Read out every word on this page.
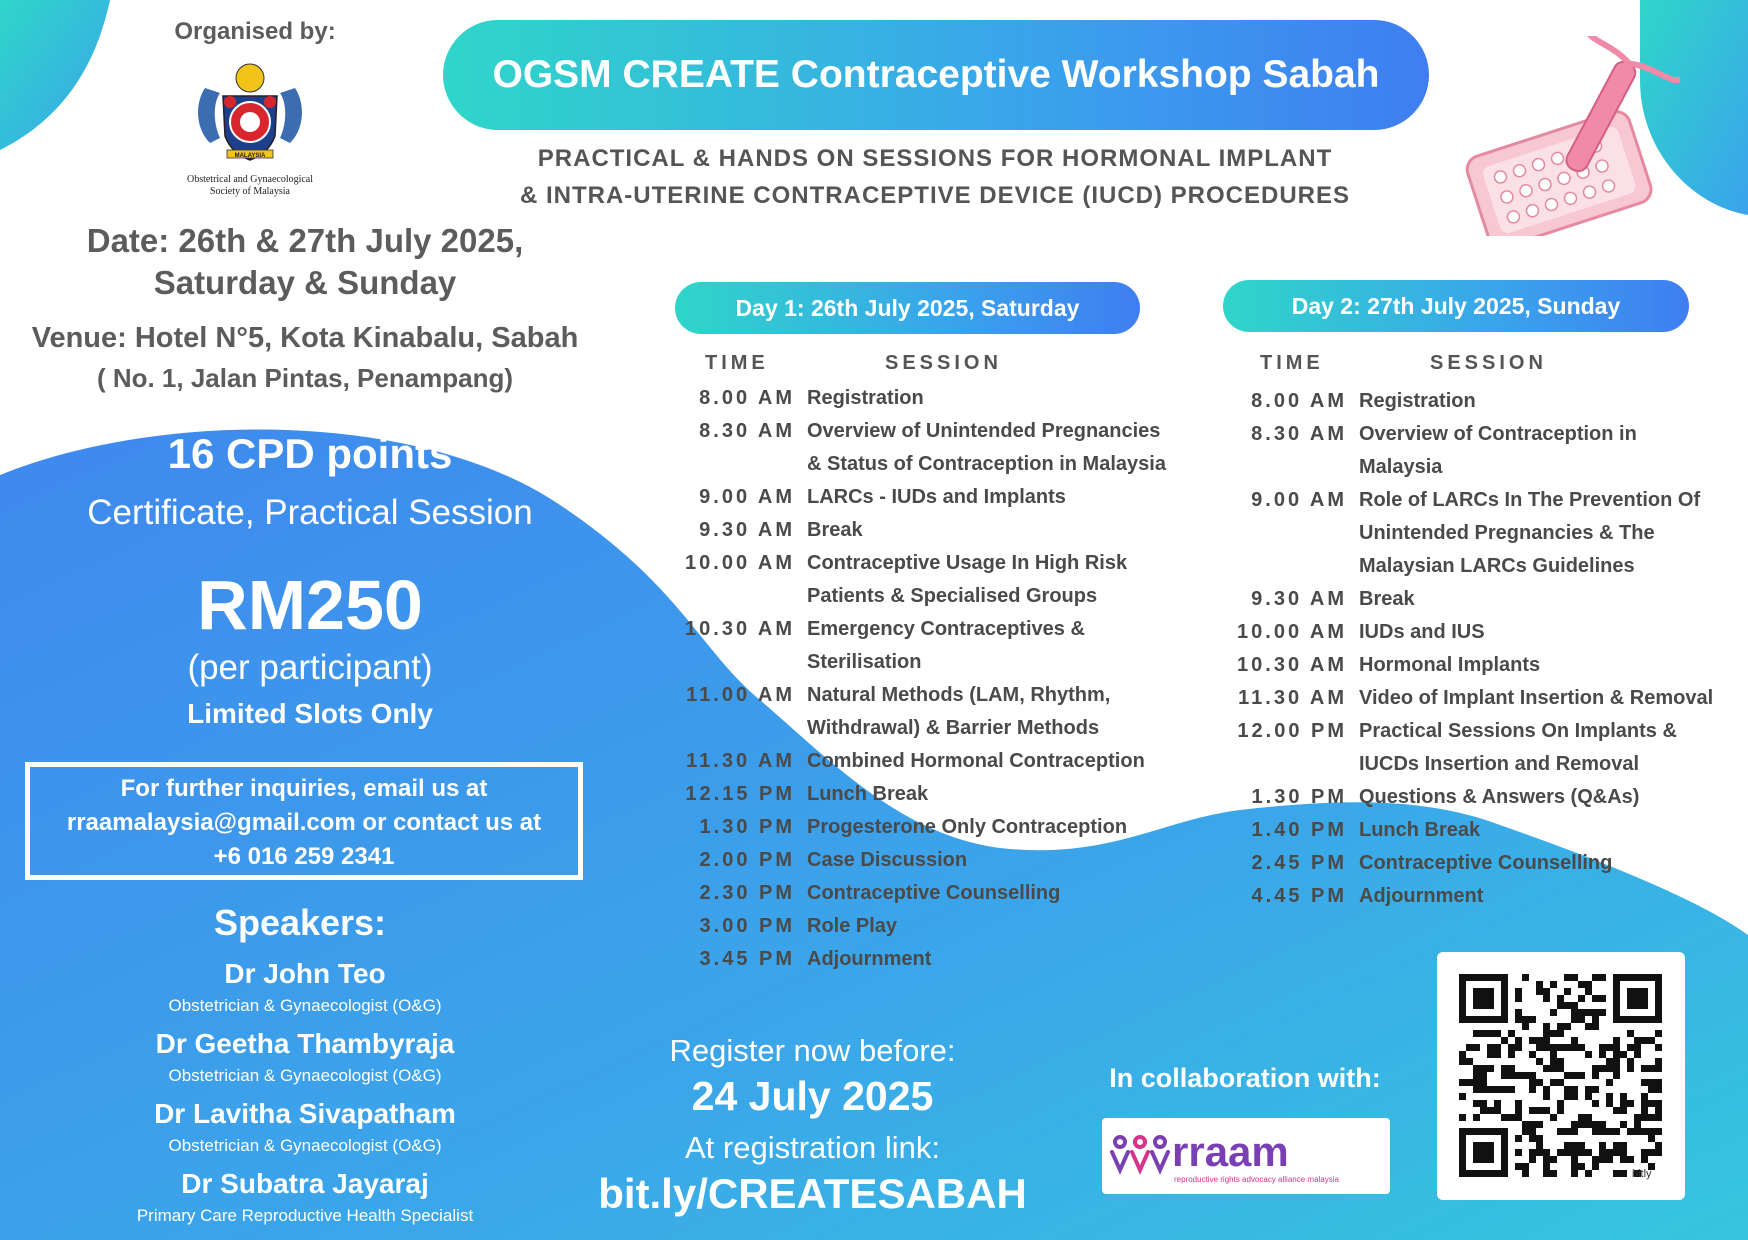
Organised by:
MALAYSIA
Obstetrical and Gynaecological
Society of Malaysia
OGSM CREATE Contraceptive Workshop Sabah
PRACTICAL & HANDS ON SESSIONS FOR HORMONAL IMPLANT
& INTRA-UTERINE CONTRACEPTIVE DEVICE (IUCD) PROCEDURES
Date: 26th & 27th July 2025,
Saturday & Sunday
Venue: Hotel N°5, Kota Kinabalu, Sabah
( No. 1, Jalan Pintas, Penampang)
16 CPD points
Certificate, Practical Session
RM250
(per participant)
Limited Slots Only
For further inquiries, email us at
rraamalaysia@gmail.com or contact us at
+6 016 259 2341
Speakers:
Dr John Teo
Obstetrician & Gynaecologist (O&G)
Dr Geetha Thambyraja
Obstetrician & Gynaecologist (O&G)
Dr Lavitha Sivapatham
Obstetrician & Gynaecologist (O&G)
Dr Subatra Jayaraj
Primary Care Reproductive Health Specialist
Day 1: 26th July 2025, Saturday	Day 2: 27th July 2025, Sunday
TIME	SESSION	TIME	SESSION
8.00 AM Registration
8.30 AM Overview of Unintended Pregnancies
& Status of Contraception in Malaysia
9.00 AM LARCs - IUDs and Implants
9.30 AM Break
10.00 AM Contraceptive Usage In High Risk
Patients & Specialised Groups
10.30 AM Emergency Contraceptives &
Sterilisation
11.00 AM Natural Methods (LAM, Rhythm,
Withdrawal) & Barrier Methods
11.30 AM Combined Hormonal Contraception
12.15 PM Lunch Break
1.30 PM Progesterone Only Contraception
2.00 PM Case Discussion
2.30 PM Contraceptive Counselling
3.00 PM Role Play
3.45 PM Adjournment
8.00 AM Registration
8.30 AM Overview of Contraception in
Malaysia
9.00 AM Role of LARCs In The Prevention Of
Unintended Pregnancies & The
Malaysian LARCs Guidelines
9.30 AM Break
10.00 AM IUDs and IUS
10.30 AM Hormonal Implants
11.30 AM Video of Implant Insertion & Removal
12.00 PM Practical Sessions On Implants &
IUCDs Insertion and Removal
1.30 PM Questions & Answers (Q&As)
1.40 PM Lunch Break
2.45 PM Contraceptive Counselling
4.45 PM Adjournment
Register now before:
24 July 2025
At registration link:
bit.ly/CREATESABAH
In collaboration with:
rraam
reproductive rights advocacy alliance malaysia	bitly
